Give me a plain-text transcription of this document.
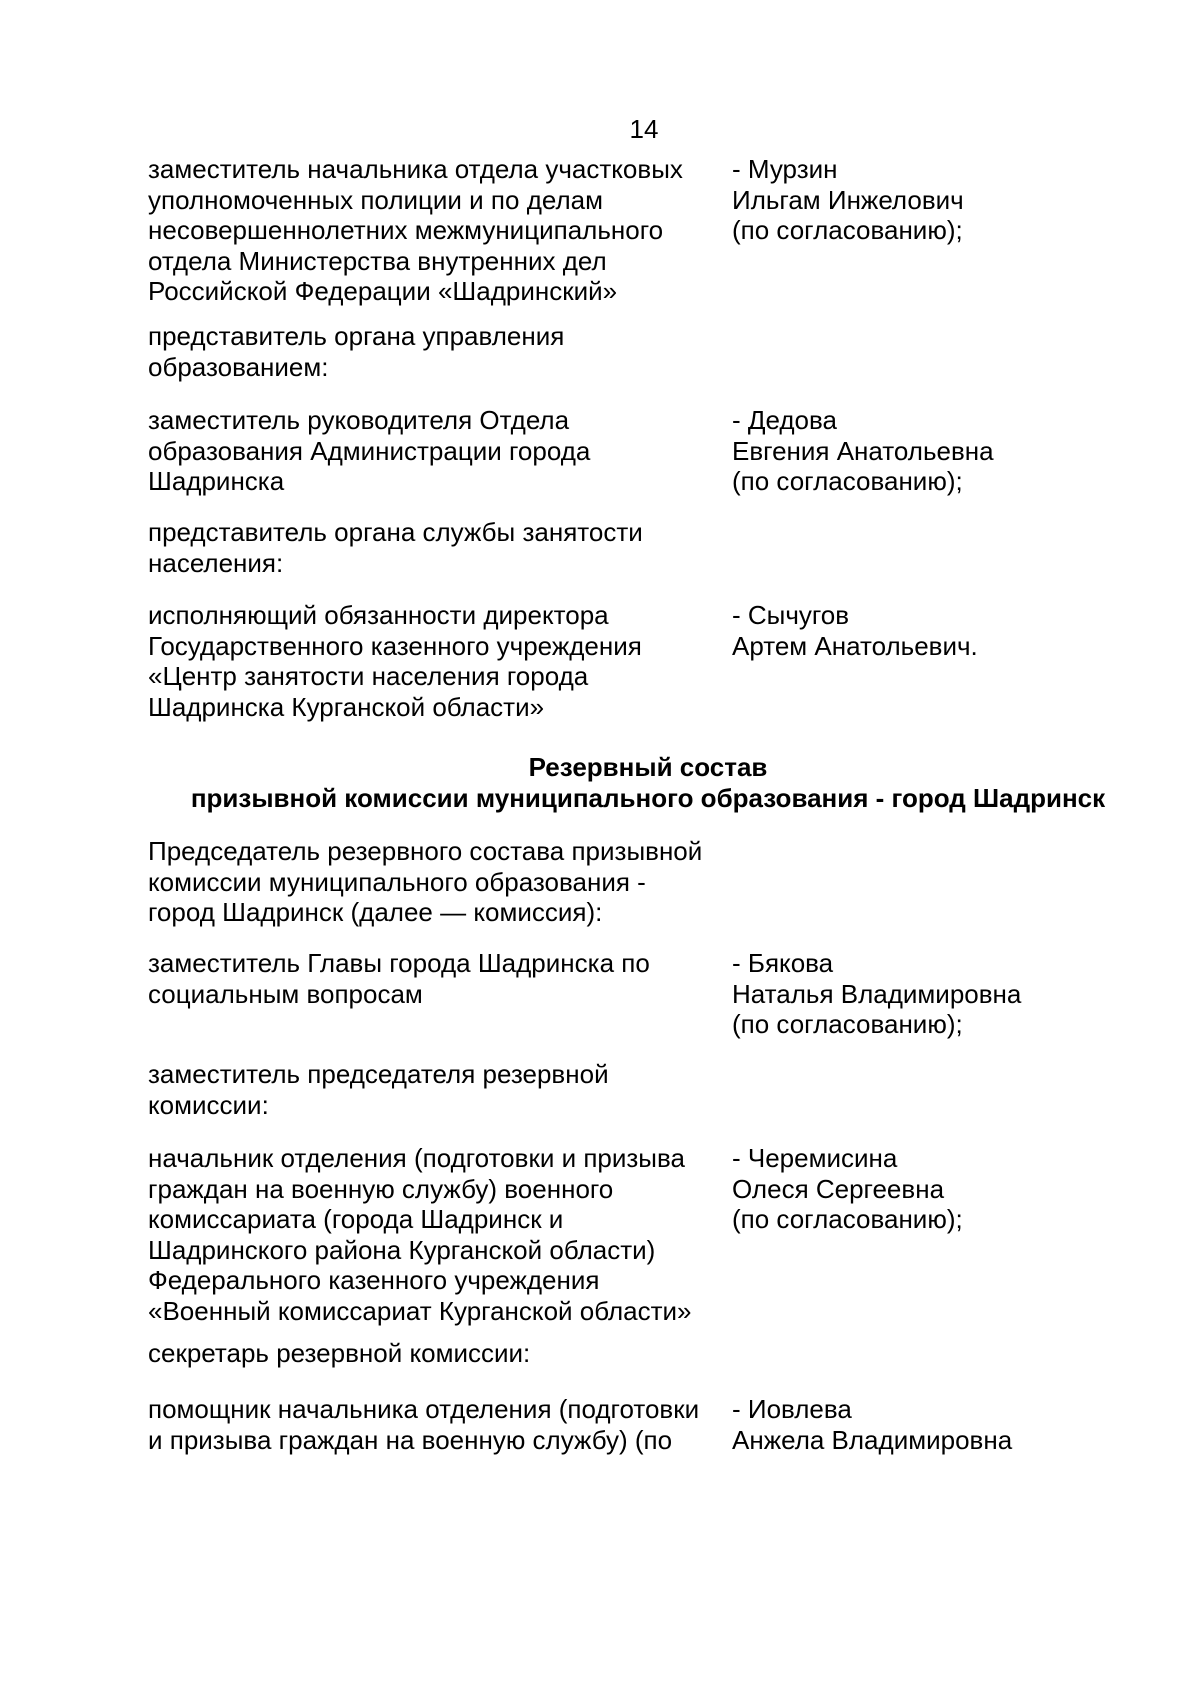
14
заместитель начальника отдела участковых
уполномоченных полиции и по делам
несовершеннолетних межмуниципального
отдела Министерства внутренних дел
Российской Федерации «Шадринский»
- Мурзин
Ильгам Инжелович
(по согласованию);
представитель органа управления
образованием:
заместитель руководителя Отдела
образования Администрации города
Шадринска
- Дедова
Евгения Анатольевна
(по согласованию);
представитель органа службы занятости
населения:
исполняющий обязанности директора
Государственного казенного учреждения
«Центр занятости населения города
Шадринска Курганской области»
- Сычугов
Артем Анатольевич.
Резервный состав
призывной комиссии муниципального образования - город Шадринск
Председатель резервного состава призывной
комиссии муниципального образования -
город Шадринск (далее — комиссия):
заместитель Главы города Шадринска по
социальным вопросам
- Бякова
Наталья Владимировна
(по согласованию);
заместитель председателя резервной
комиссии:
начальник отделения (подготовки и призыва
граждан на военную службу) военного
комиссариата (города Шадринск и
Шадринского района Курганской области)
Федерального казенного учреждения
«Военный комиссариат Курганской области»
- Черемисина
Олеся Сергеевна
(по согласованию);
секретарь резервной комиссии:
помощник начальника отделения (подготовки
и призыва граждан на военную службу) (по
- Иовлева
Анжела Владимировна
